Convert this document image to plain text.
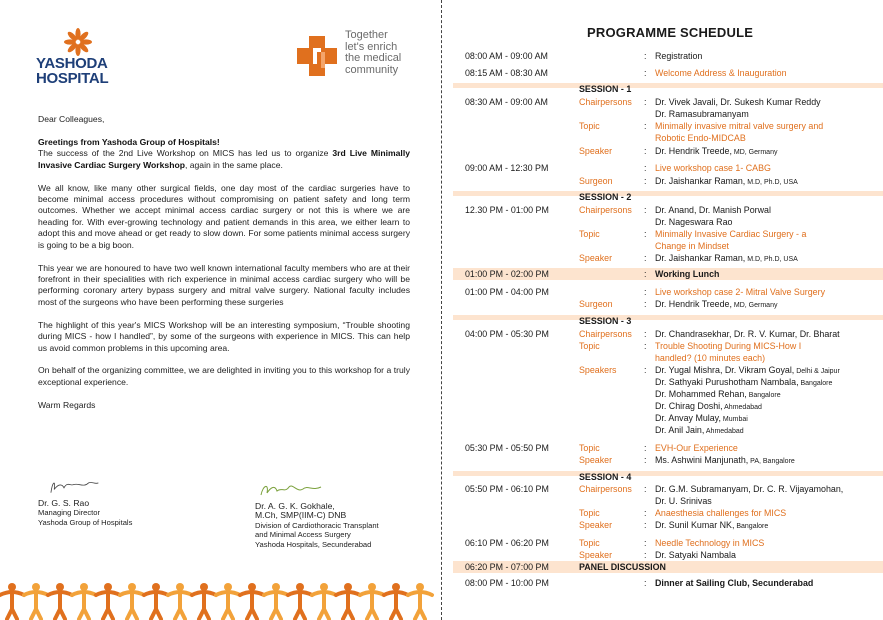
YASHODA
HOSPITAL
Together
let's enrich
the medical
community

Dear Colleagues,

Greetings from Yashoda Group of Hospitals!
The success of the 2nd Live Workshop on MICS has led us to organize 3rd Live Minimally Invasive Cardiac Surgery Workshop, again in the same place.

We all know, like many other surgical fields, one day most of the cardiac surgeries have to become minimal access procedures without compromising on patient safety and long term outcomes. Whether we accept minimal access cardiac surgery or not this is where we are heading for. With ever-growing technology and patient demands in this area, we either learn to adopt this and move ahead or get ready to slow down. For some patients minimal access surgery is going to be a big boon.

This year we are honoured to have two well known international faculty members who are at their forefront in their specialities with rich experience in minimal access cardiac surgery who will be performing coronary artery bypass surgery and mitral valve surgery. National faculty includes most of the surgeons who have been performing these surgeries

The highlight of this year's MICS Workshop will be an interesting symposium, “Trouble shooting during MICS - how I handled”, by some of the surgeons with experience in MICS. This can help us avoid common problems in this upcoming area.

On behalf of the organizing committee, we are delighted in inviting you to this workshop for a truly exceptional experience.

Warm Regards

Dr. G. S. Rao
Managing Director
Yashoda Group of Hospitals
Dr. A. G. K. Gokhale,
M.Ch, SMP(IIM-C) DNB
Division of Cardiothoracic Transplant
and Minimal Access Surgery
Yashoda Hospitals, Secunderabad
PROGRAMME SCHEDULE
08:00 AM - 09:00 AM	: Registration
08:15 AM - 08:30 AM	: Welcome Address & Inauguration
SESSION - 1
08:30 AM - 09:00 AM	Chairpersons : Dr. Vivek Javali, Dr. Sukesh Kumar Reddy
Dr. Ramasubramanyam
Topic	: Minimally invasive mitral valve surgery and
Robotic Endo-MIDCAB
Speaker	: Dr. Hendrik Treede, MD, Germany
09:00 AM - 12:30 PM	: Live workshop case 1- CABG
Surgeon	: Dr. Jaishankar Raman, M.D, Ph.D, USA
SESSION - 2
12.30 PM - 01:00 PM	Chairpersons : Dr. Anand, Dr. Manish Porwal
Dr. Nageswara Rao
Topic	: Minimally Invasive Cardiac Surgery - a
Change in Mindset
Speaker	: Dr. Jaishankar Raman, M.D, Ph.D, USA
01:00 PM - 02:00 PM	: Working Lunch
01:00 PM - 04:00 PM	: Live workshop case 2- Mitral Valve Surgery
Surgeon	: Dr. Hendrik Treede, MD, Germany
SESSION - 3
04:00 PM - 05:30 PM	Chairpersons : Dr. Chandrasekhar, Dr. R. V. Kumar, Dr. Bharat
Topic	: Trouble Shooting During MICS-How I
handled? (10 minutes each)
Speakers	: Dr. Yugal Mishra, Dr. Vikram Goyal, Delhi & Jaipur
Dr. Sathyaki Purushotham Nambala, Bangalore
Dr. Mohammed Rehan, Bangalore
Dr. Chirag Doshi, Ahmedabad
Dr. Anvay Mulay, Mumbai
Dr. Anil Jain, Ahmedabad
05:30 PM - 05:50 PM	Topic	: EVH-Our Experience
Speaker	: Ms. Ashwini Manjunath, PA, Bangalore
SESSION - 4
05:50 PM - 06:10 PM	Chairpersons : Dr. G.M. Subramanyam, Dr. C. R. Vijayamohan,
Dr. U. Srinivas
Topic	: Anaesthesia challenges for MICS
Speaker	: Dr. Sunil Kumar NK, Bangalore
06:10 PM - 06:20 PM	Topic	: Needle Technology in MICS
Speaker	: Dr. Satyaki Nambala
06:20 PM - 07:00 PM	PANEL DISCUSSION
08:00 PM - 10:00 PM	: Dinner at Sailing Club, Secunderabad
